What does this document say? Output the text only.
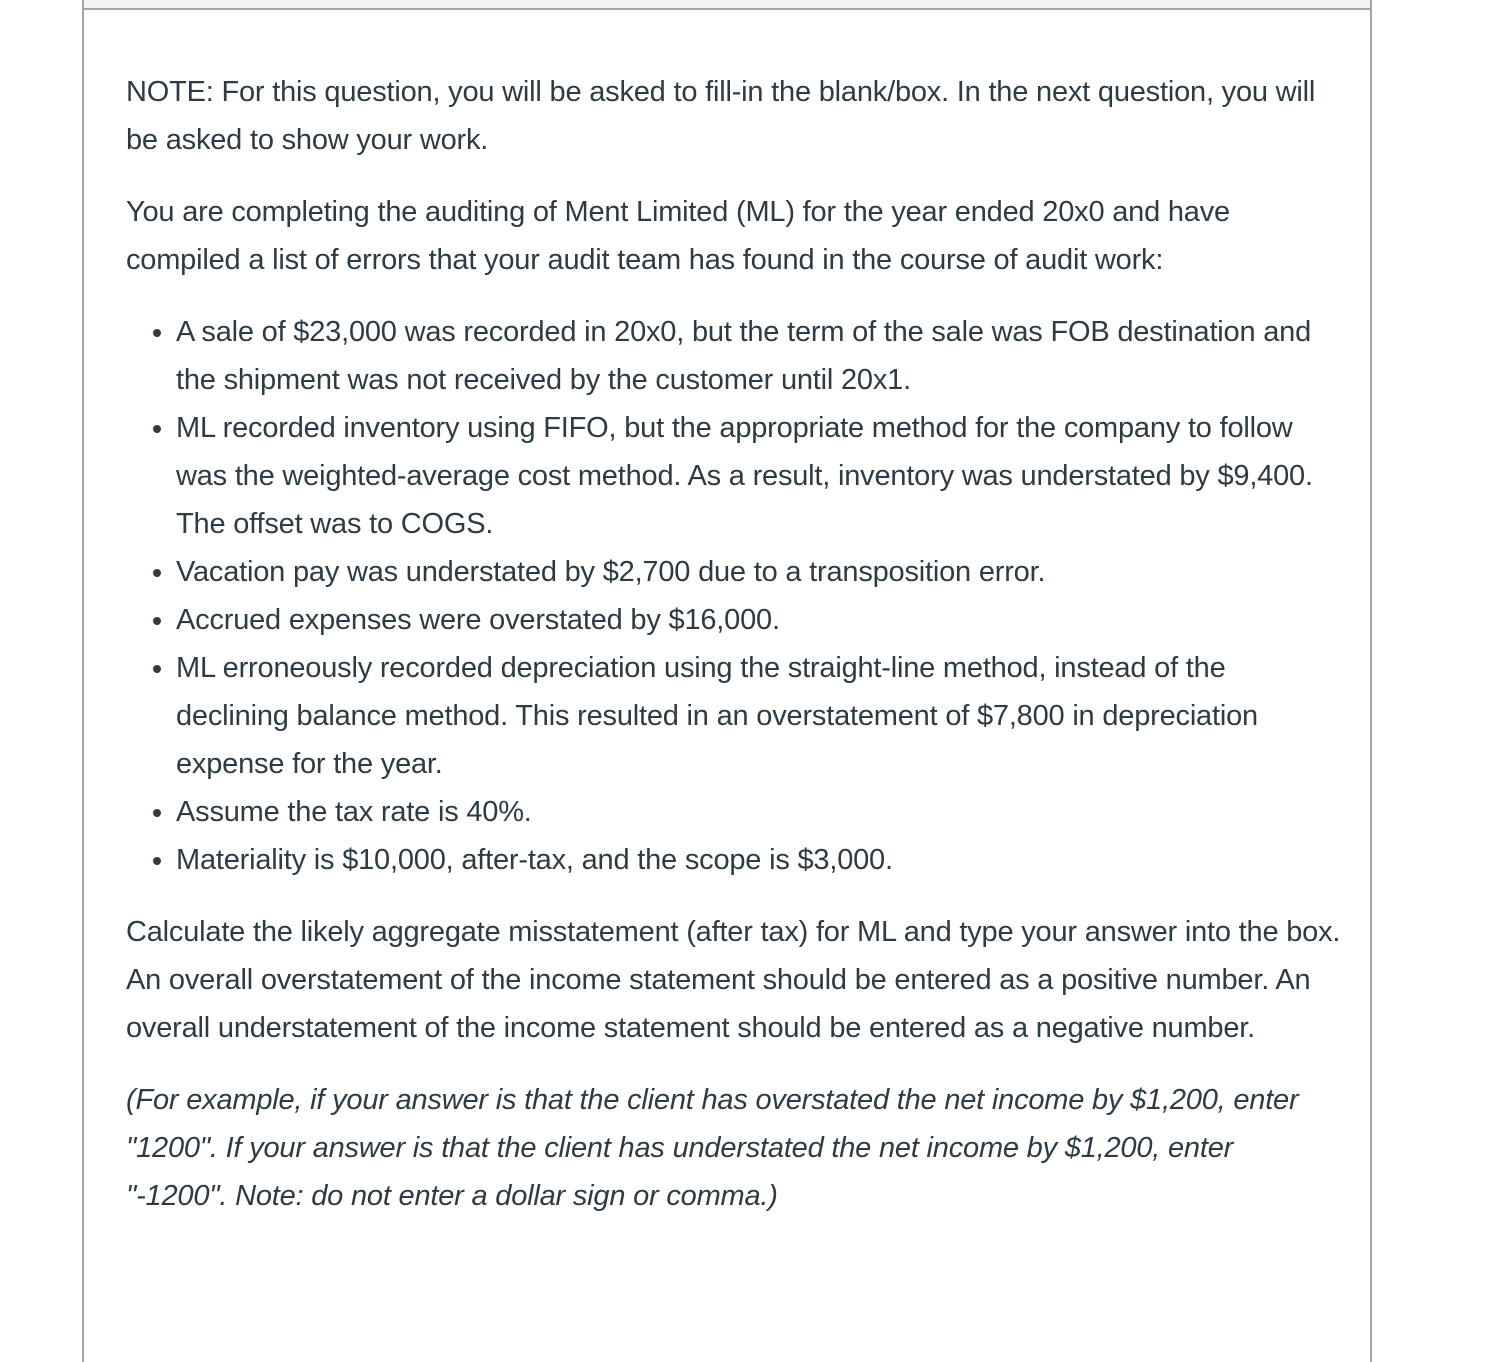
NOTE: For this question, you will be asked to fill-in the blank/box. In the next question, you will be asked to show your work.

You are completing the auditing of Ment Limited (ML) for the year ended 20x0 and have compiled a list of errors that your audit team has found in the course of audit work:

• A sale of $23,000 was recorded in 20x0, but the term of the sale was FOB destination and the shipment was not received by the customer until 20x1.
• ML recorded inventory using FIFO, but the appropriate method for the company to follow was the weighted-average cost method. As a result, inventory was understated by $9,400. The offset was to COGS.
• Vacation pay was understated by $2,700 due to a transposition error.
• Accrued expenses were overstated by $16,000.
• ML erroneously recorded depreciation using the straight-line method, instead of the declining balance method. This resulted in an overstatement of $7,800 in depreciation expense for the year.
• Assume the tax rate is 40%.
• Materiality is $10,000, after-tax, and the scope is $3,000.

Calculate the likely aggregate misstatement (after tax) for ML and type your answer into the box. An overall overstatement of the income statement should be entered as a positive number. An overall understatement of the income statement should be entered as a negative number.

(For example, if your answer is that the client has overstated the net income by $1,200, enter "1200". If your answer is that the client has understated the net income by $1,200, enter "-1200". Note: do not enter a dollar sign or comma.)
